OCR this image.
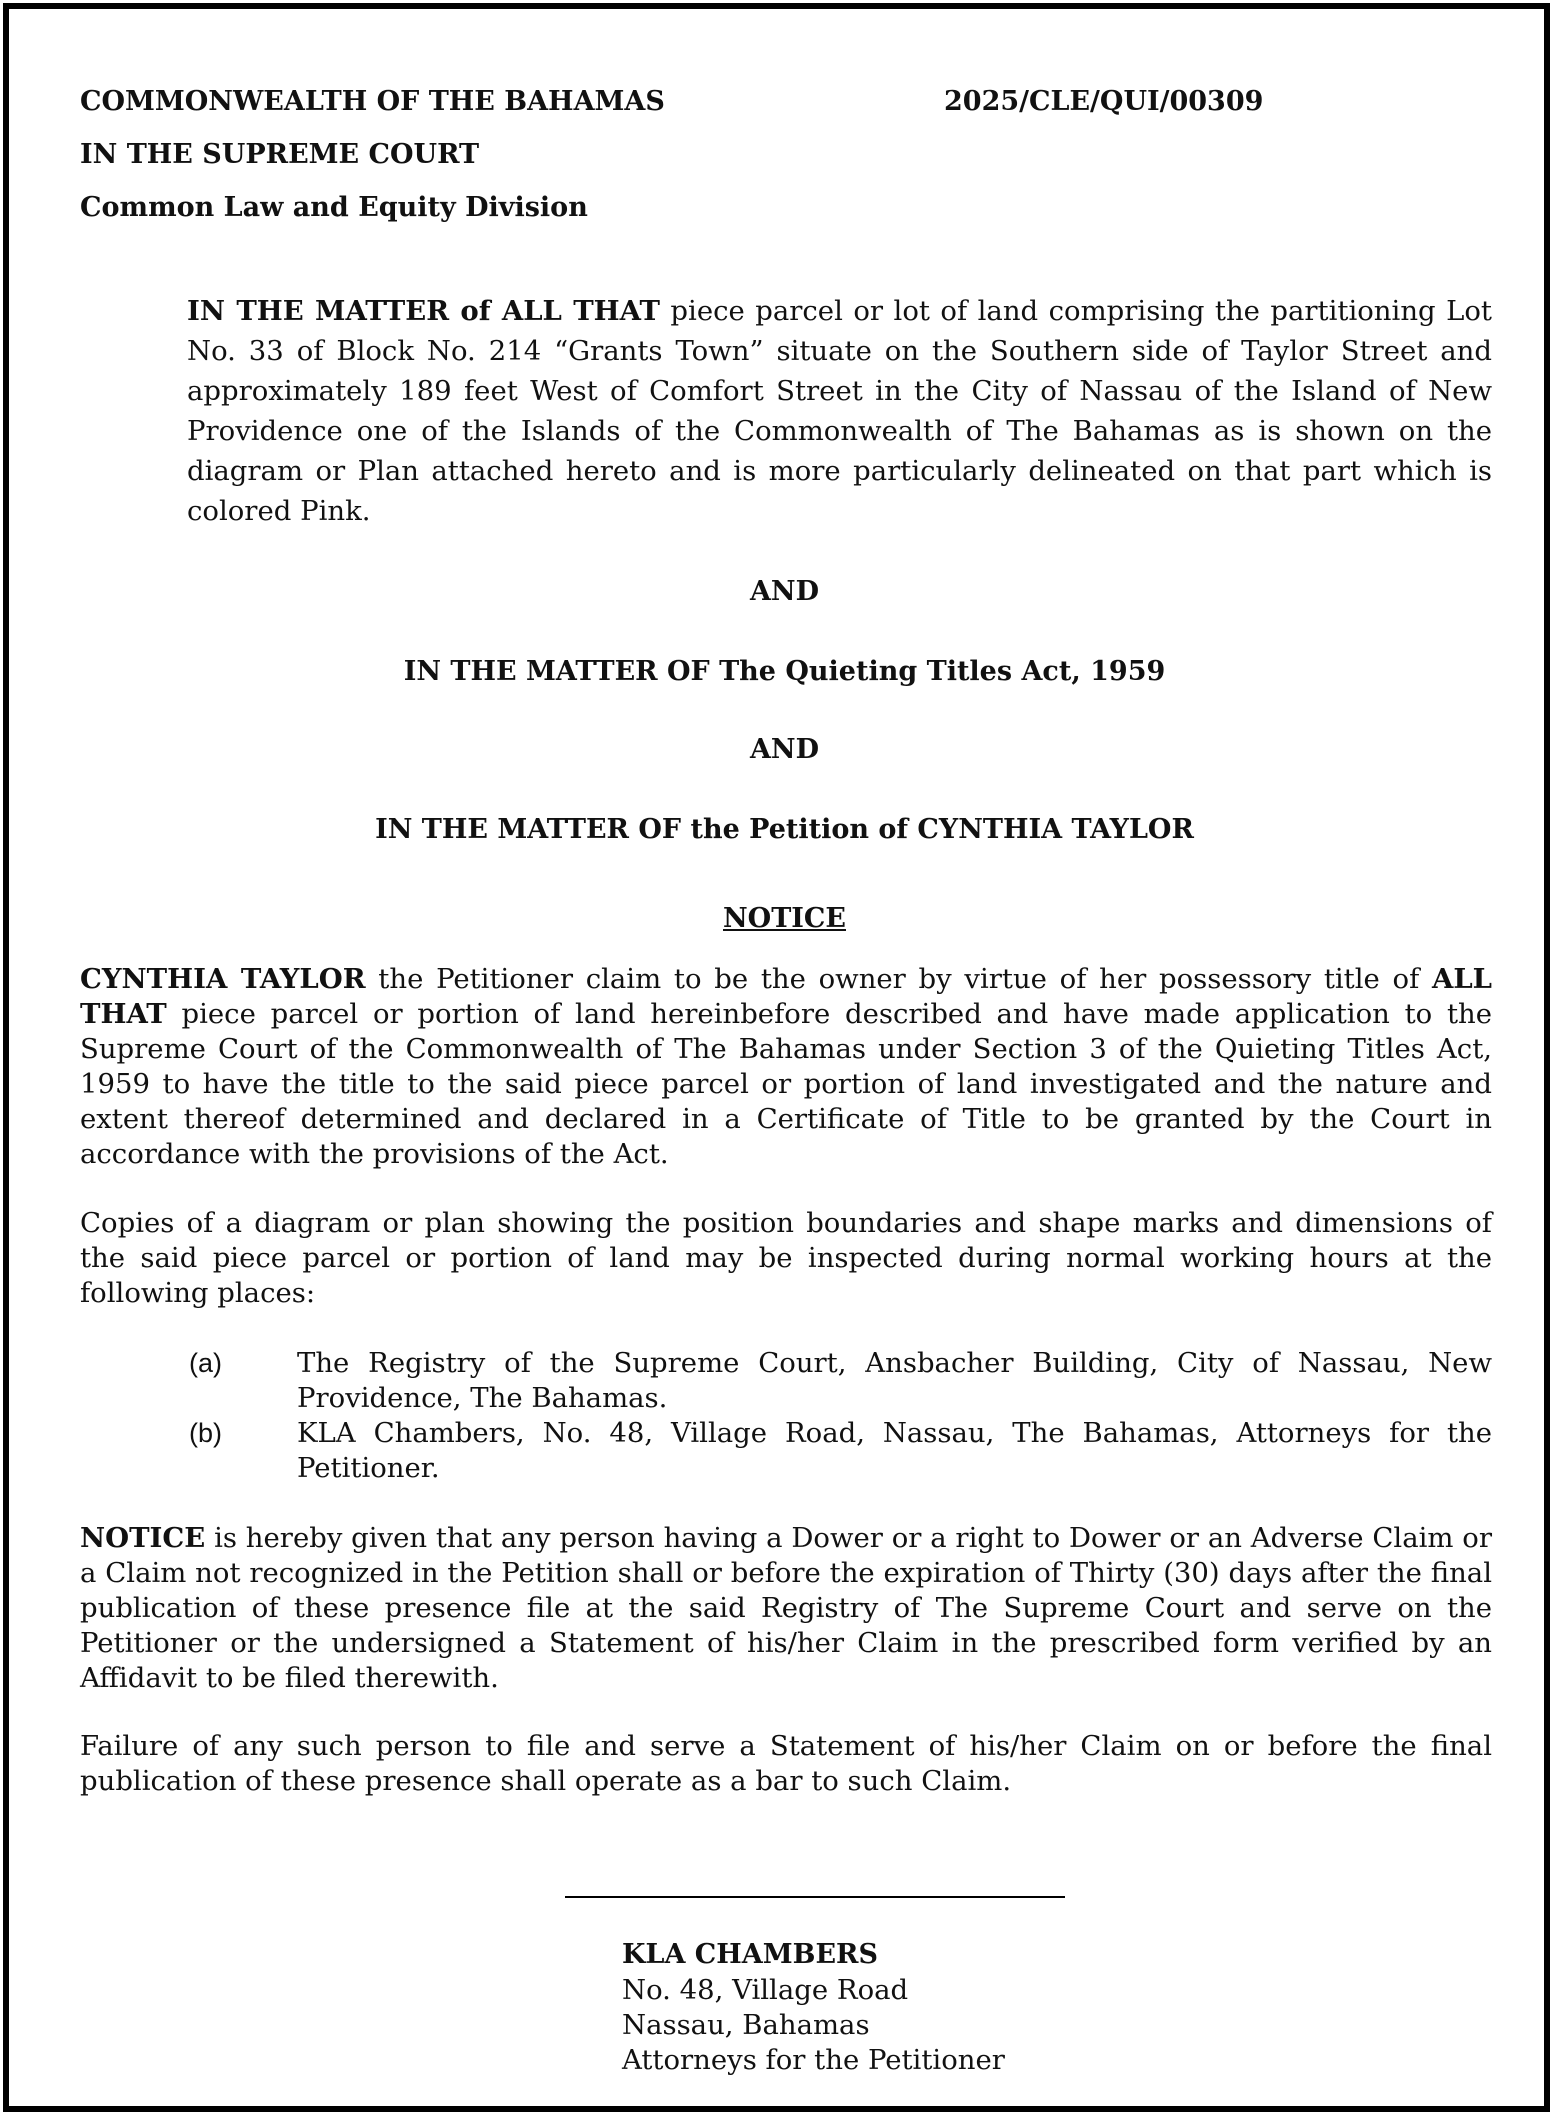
COMMONWEALTH OF THE BAHAMAS	2025/CLE/QUI/00309
IN THE SUPREME COURT
Common Law and Equity Division
IN THE MATTER of ALL THAT piece parcel or lot of land comprising the partitioning Lot No. 33 of Block No. 214 “Grants Town” situate on the Southern side of Taylor Street and approximately 189 feet West of Comfort Street in the City of Nassau of the Island of New Providence one of the Islands of the Commonwealth of The Bahamas as is shown on the diagram or Plan attached hereto and is more particularly delineated on that part which is colored Pink.
AND
IN THE MATTER OF The Quieting Titles Act, 1959
AND
IN THE MATTER OF the Petition of CYNTHIA TAYLOR
NOTICE
CYNTHIA TAYLOR the Petitioner claim to be the owner by virtue of her possessory title of ALL THAT piece parcel or portion of land hereinbefore described and have made application to the Supreme Court of the Commonwealth of The Bahamas under Section 3 of the Quieting Titles Act, 1959 to have the title to the said piece parcel or portion of land investigated and the nature and extent thereof determined and declared in a Certificate of Title to be granted by the Court in accordance with the provisions of the Act.
Copies of a diagram or plan showing the position boundaries and shape marks and dimensions of the said piece parcel or portion of land may be inspected during normal working hours at the following places:
(a)	The Registry of the Supreme Court, Ansbacher Building, City of Nassau, New Providence, The Bahamas.
(b)	KLA Chambers, No. 48, Village Road, Nassau, The Bahamas, Attorneys for the Petitioner.
NOTICE is hereby given that any person having a Dower or a right to Dower or an Adverse Claim or a Claim not recognized in the Petition shall or before the expiration of Thirty (30) days after the final publication of these presence file at the said Registry of The Supreme Court and serve on the Petitioner or the undersigned a Statement of his/her Claim in the prescribed form verified by an Affidavit to be filed therewith.
Failure of any such person to file and serve a Statement of his/her Claim on or before the final publication of these presence shall operate as a bar to such Claim.
KLA CHAMBERS
No. 48, Village Road
Nassau, Bahamas
Attorneys for the Petitioner
